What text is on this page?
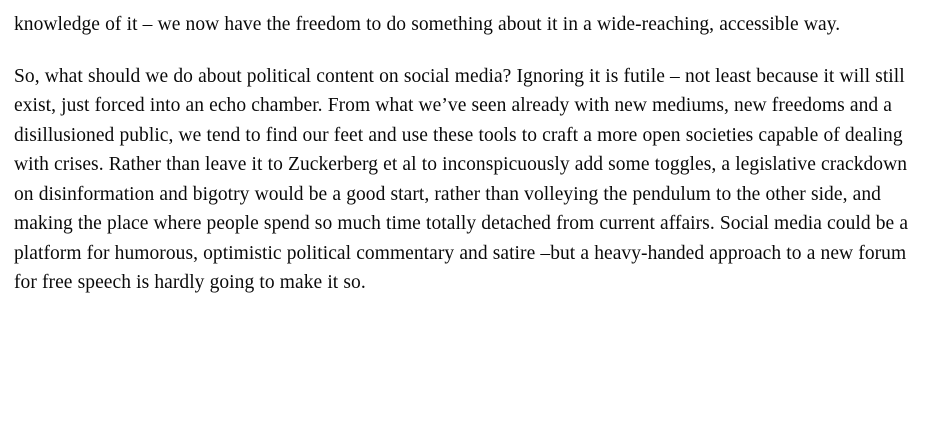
knowledge of it – we now have the freedom to do something about it in a wide-reaching, accessible way.

So, what should we do about political content on social media? Ignoring it is futile – not least because it will still exist, just forced into an echo chamber. From what we’ve seen already with new mediums, new freedoms and a disillusioned public, we tend to find our feet and use these tools to craft a more open societies capable of dealing with crises. Rather than leave it to Zuckerberg et al to inconspicuously add some toggles, a legislative crackdown on disinformation and bigotry would be a good start, rather than volleying the pendulum to the other side, and making the place where people spend so much time totally detached from current affairs. Social media could be a platform for humorous, optimistic political commentary and satire –but a heavy-handed approach to a new forum for free speech is hardly going to make it so.
